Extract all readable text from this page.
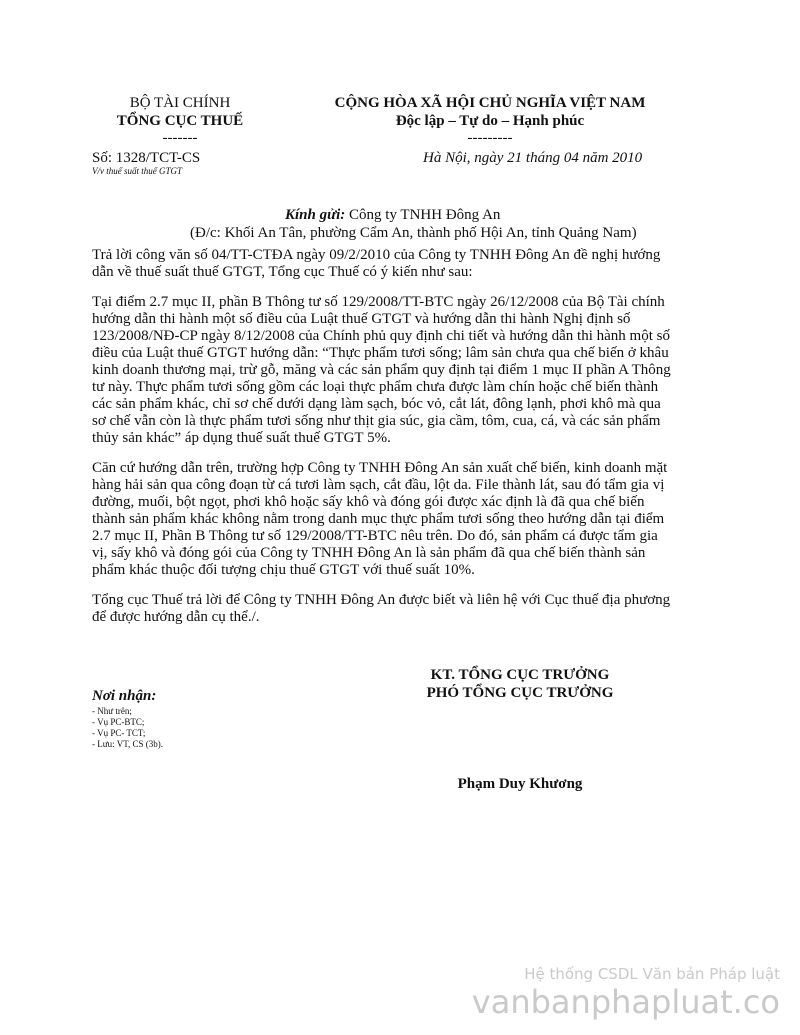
BỘ TÀI CHÍNH
TỔNG CỤC THUẾ
-------
Số: 1328/TCT-CS
V/v thuế suất thuế GTGT
CỘNG HÒA XÃ HỘI CHỦ NGHĨA VIỆT NAM
Độc lập – Tự do – Hạnh phúc
---------
Hà Nội, ngày 21 tháng 04 năm 2010
Kính gửi: Công ty TNHH Đông An
(Đ/c: Khối An Tân, phường Cẩm An, thành phố Hội An, tỉnh Quảng Nam)
Trả lời công văn số 04/TT-CTĐA ngày 09/2/2010 của Công ty TNHH Đông An đề nghị hướng
dẫn về thuế suất thuế GTGT, Tổng cục Thuế có ý kiến như sau:
Tại điểm 2.7 mục II, phần B Thông tư số 129/2008/TT-BTC ngày 26/12/2008 của Bộ Tài chính
hướng dẫn thi hành một số điều của Luật thuế GTGT và hướng dẫn thi hành Nghị định số
123/2008/NĐ-CP ngày 8/12/2008 của Chính phủ quy định chi tiết và hướng dẫn thi hành một số
điều của Luật thuế GTGT hướng dẫn: “Thực phẩm tươi sống; lâm sản chưa qua chế biến ở khâu
kinh doanh thương mại, trừ gỗ, măng và các sản phẩm quy định tại điểm 1 mục II phần A Thông
tư này. Thực phẩm tươi sống gồm các loại thực phẩm chưa được làm chín hoặc chế biến thành
các sản phẩm khác, chỉ sơ chế dưới dạng làm sạch, bóc vỏ, cắt lát, đông lạnh, phơi khô mà qua
sơ chế vẫn còn là thực phẩm tươi sống như thịt gia súc, gia cầm, tôm, cua, cá, và các sản phẩm
thủy sản khác” áp dụng thuế suất thuế GTGT 5%.
Căn cứ hướng dẫn trên, trường hợp Công ty TNHH Đông An sản xuất chế biến, kinh doanh mặt
hàng hải sản qua công đoạn từ cá tươi làm sạch, cắt đầu, lột da. File thành lát, sau đó tẩm gia vị
đường, muối, bột ngọt, phơi khô hoặc sấy khô và đóng gói được xác định là đã qua chế biến
thành sản phẩm khác không nằm trong danh mục thực phẩm tươi sống theo hướng dẫn tại điểm
2.7 mục II, Phần B Thông tư số 129/2008/TT-BTC nêu trên. Do đó, sản phẩm cá được tẩm gia
vị, sấy khô và đóng gói của Công ty TNHH Đông An là sản phẩm đã qua chế biến thành sản
phẩm khác thuộc đối tượng chịu thuế GTGT với thuế suất 10%.
Tổng cục Thuế trả lời để Công ty TNHH Đông An được biết và liên hệ với Cục thuế địa phương
để được hướng dẫn cụ thể./.
KT. TỔNG CỤC TRƯỞNG
PHÓ TỔNG CỤC TRƯỞNG
Phạm Duy Khương
Nơi nhận:
- Như trên;
- Vụ PC-BTC;
- Vụ PC- TCT;
- Lưu: VT, CS (3b).
Hệ thống CSDL Văn bản Pháp luật
vanbanphapluat.co
